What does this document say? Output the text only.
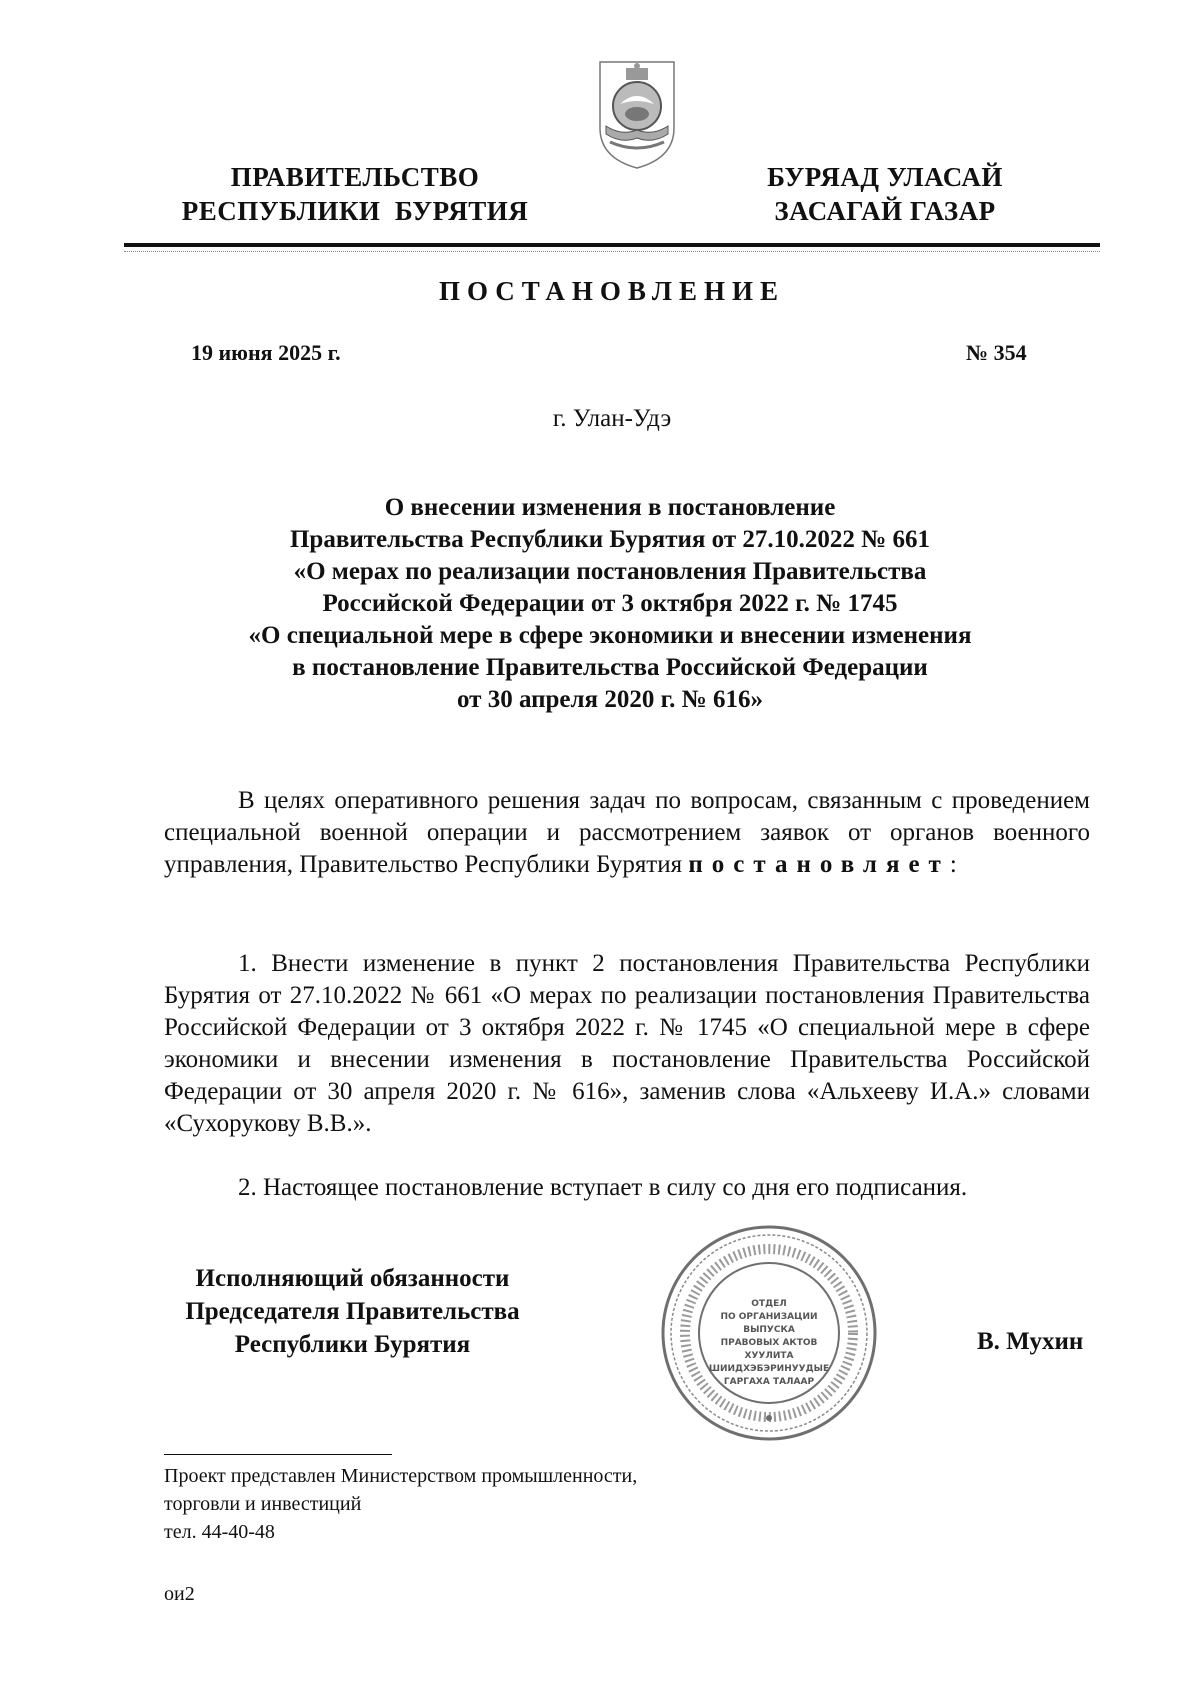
ПРАВИТЕЛЬСТВО
РЕСПУБЛИКИ  БУРЯТИЯ
БУРЯАД УЛАСАЙ
ЗАСАГАЙ ГАЗАР
ПОСТАНОВЛЕНИЕ
19 июня 2025 г.	№ 354
г. Улан-Удэ
О внесении изменения в постановление
Правительства Республики Бурятия от 27.10.2022 № 661
«О мерах по реализации постановления Правительства
Российской Федерации от 3 октября 2022 г. № 1745
«О специальной мере в сфере экономики и внесении изменения
в постановление Правительства Российской Федерации
от 30 апреля 2020 г. № 616»
В целях оперативного решения задач по вопросам, связанным с проведением специальной военной операции и рассмотрением заявок от органов военного управления, Правительство Республики Бурятия постановляет:
1. Внести изменение в пункт 2 постановления Правительства Республики Бурятия от 27.10.2022 № 661 «О мерах по реализации постановления Правительства Российской Федерации от 3 октября 2022 г. № 1745 «О специальной мере в сфере экономики и внесении изменения в постановление Правительства Российской Федерации от 30 апреля 2020 г. № 616», заменив слова «Альхееву И.А.» словами «Сухорукову В.В.».
2. Настоящее постановление вступает в силу со дня его подписания.
Исполняющий обязанности
Председателя Правительства
Республики Бурятия
ОТДЕЛ
ПО ОРГАНИЗАЦИИ
ВЫПУСКА
ПРАВОВЫХ АКТОВ
ХУУЛИТА
ШИИДХЭБЭРИНУУДЫЕ
ГАРГАХА ТАЛААР
В. Мухин
Проект представлен Министерством промышленности,
торговли и инвестиций
тел. 44-40-48
ои2
